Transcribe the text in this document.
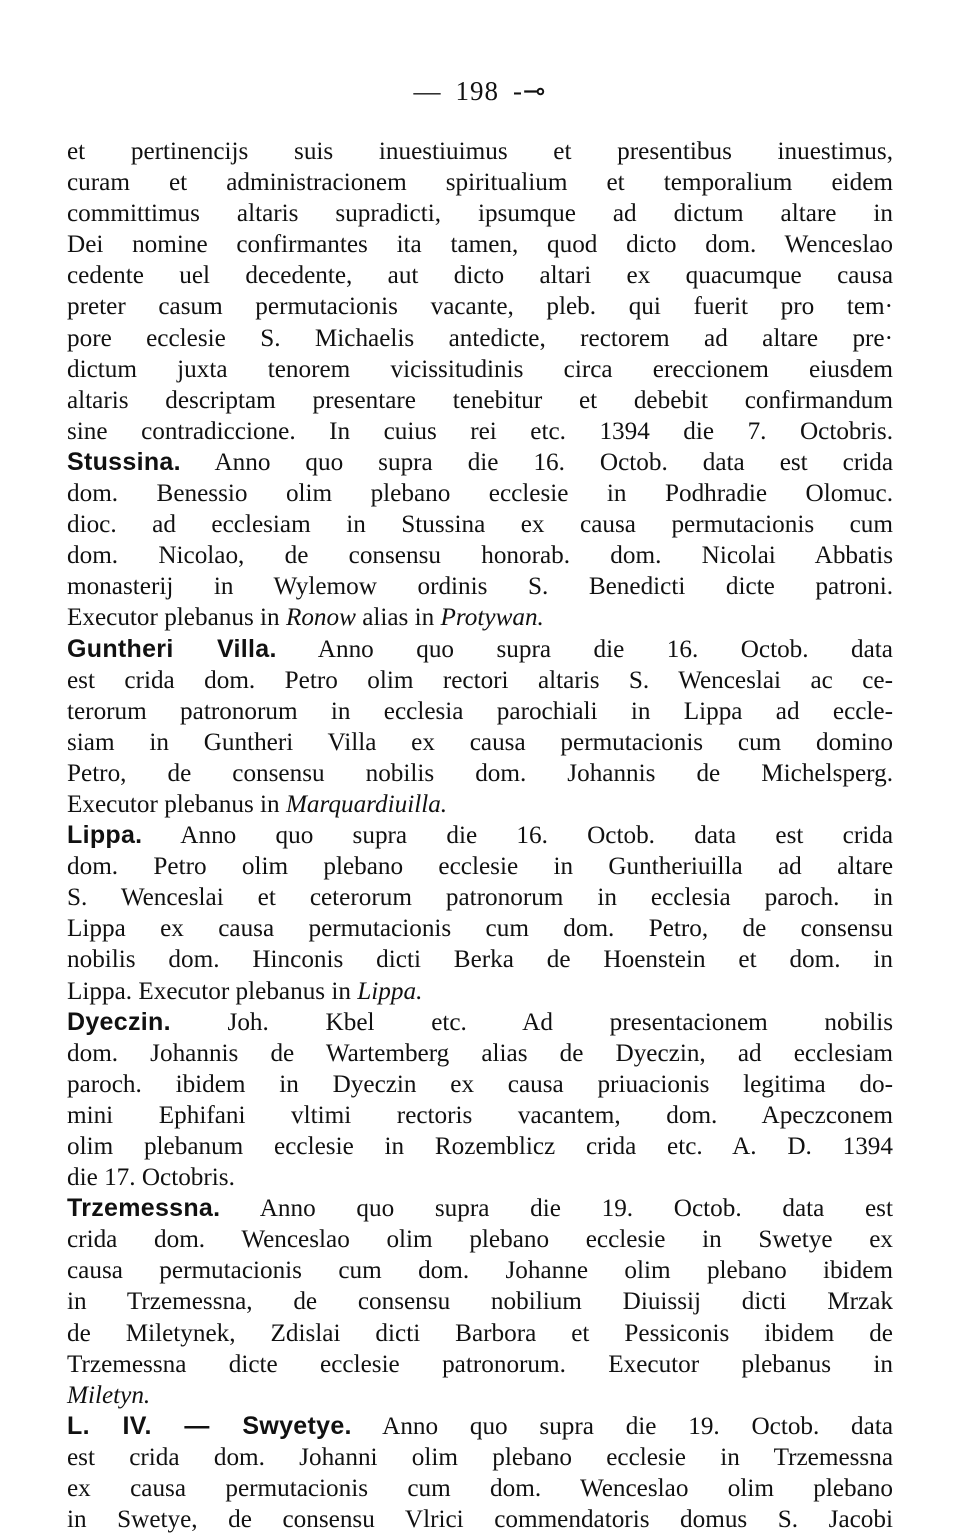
— 198 -⊸
et pertinencijs suis inuestiuimus et presentibus inuestimus,
curam et administracionem spiritualium et temporalium eidem
committimus altaris supradicti, ipsumque ad dictum altare in
Dei nomine confirmantes ita tamen, quod dicto dom. Wenceslao
cedente uel decedente, aut dicto altari ex quacumque causa
preter casum permutacionis vacante, pleb. qui fuerit pro tem·
pore ecclesie S. Michaelis antedicte, rectorem ad altare pre·
dictum juxta tenorem vicissitudinis circa ereccionem eiusdem
altaris descriptam presentare tenebitur et debebit confirmandum
sine contradiccione. In cuius rei etc. 1394 die 7. Octobris.
Stussina. Anno quo supra die 16. Octob. data est crida
dom. Benessio olim plebano ecclesie in Podhradie Olomuc.
dioc. ad ecclesiam in Stussina ex causa permutacionis cum
dom. Nicolao, de consensu honorab. dom. Nicolai Abbatis
monasterij in Wylemow ordinis S. Benedicti dicte patroni.
Executor plebanus in Ronow alias in Protywan.
Guntheri Villa. Anno quo supra die 16. Octob. data
est crida dom. Petro olim rectori altaris S. Wenceslai ac ce-
terorum patronorum in ecclesia parochiali in Lippa ad eccle-
siam in Guntheri Villa ex causa permutacionis cum domino
Petro, de consensu nobilis dom. Johannis de Michelsperg.
Executor plebanus in Marquardiuilla.
Lippa. Anno quo supra die 16. Octob. data est crida
dom. Petro olim plebano ecclesie in Guntheriuilla ad altare
S. Wenceslai et ceterorum patronorum in ecclesia paroch. in
Lippa ex causa permutacionis cum dom. Petro, de consensu
nobilis dom. Hinconis dicti Berka de Hoenstein et dom. in
Lippa. Executor plebanus in Lippa.
Dyeczin. Joh. Kbel etc. Ad presentacionem nobilis
dom. Johannis de Wartemberg alias de Dyeczin, ad ecclesiam
paroch. ibidem in Dyeczin ex causa priuacionis legitima do-
mini Ephifani vltimi rectoris vacantem, dom. Apeczconem
olim plebanum ecclesie in Rozemblicz crida etc. A. D. 1394
die 17. Octobris.
Trzemessna. Anno quo supra die 19. Octob. data est
crida dom. Wenceslao olim plebano ecclesie in Swetye ex
causa permutacionis cum dom. Johanne olim plebano ibidem
in Trzemessna, de consensu nobilium Diuissij dicti Mrzak
de Miletynek, Zdislai dicti Barbora et Pessiconis ibidem de
Trzemessna dicte ecclesie patronorum. Executor plebanus in
Miletyn.
L. IV. — Swyetye. Anno quo supra die 19. Octob. data
est crida dom. Johanni olim plebano ecclesie in Trzemessna
ex causa permutacionis cum dom. Wenceslao olim plebano
in Swetye, de consensu Vlrici commendatoris domus S. Jacobi
